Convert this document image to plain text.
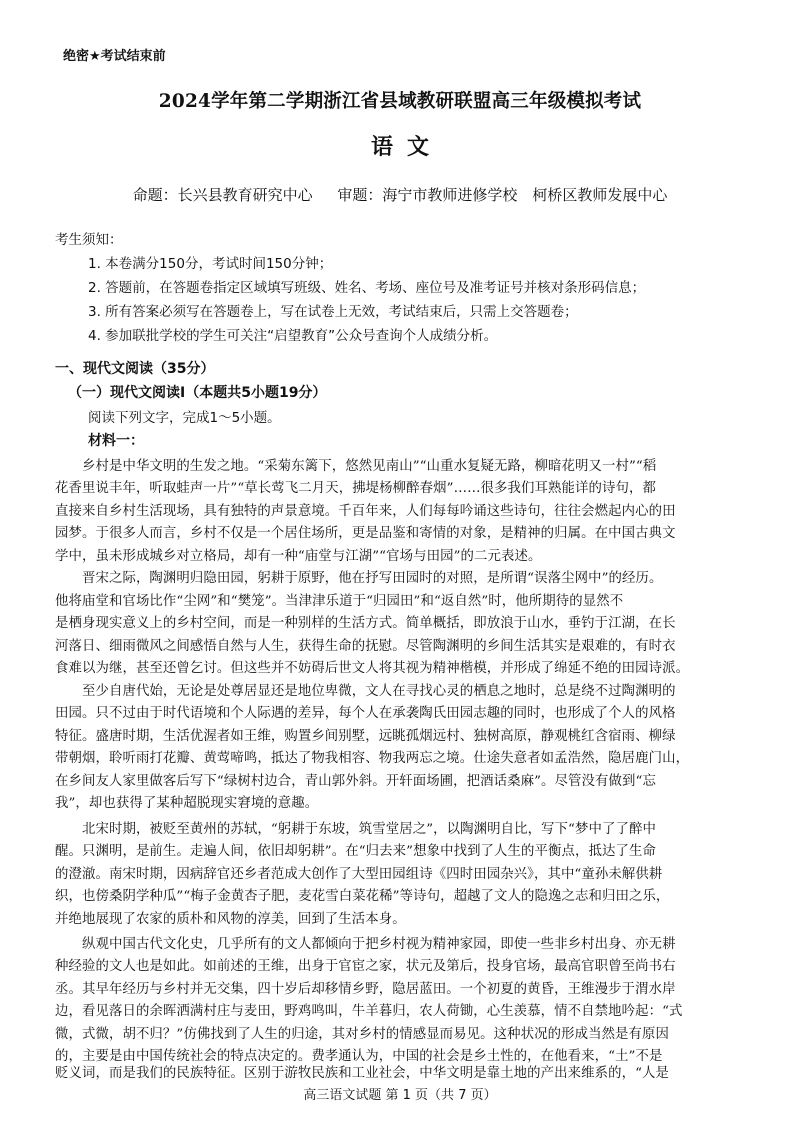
绝密★考试结束前
2024学年第二学期浙江省县域教研联盟高三年级模拟考试
语文
命题：长兴县教育研究中心 审题：海宁市教师进修学校　柯桥区教师发展中心
考生须知：
1. 本卷满分150分，考试时间150分钟；
2. 答题前，在答题卷指定区域填写班级、姓名、考场、座位号及准考证号并核对条形码信息；
3. 所有答案必须写在答题卷上，写在试卷上无效，考试结束后，只需上交答题卷；
4. 参加联批学校的学生可关注“启望教育”公众号查询个人成绩分析。
一、现代文阅读（35分）
（一）现代文阅读Ⅰ（本题共5小题19分）
阅读下列文字，完成1～5小题。
材料一：
　　乡村是中华文明的生发之地。“采菊东篱下，悠然见南山”“山重水复疑无路，柳暗花明又一村”“稻
花香里说丰年，听取蛙声一片”“草长莺飞二月天，拂堤杨柳醉春烟”……很多我们耳熟能详的诗句，都
直接来自乡村生活现场，具有独特的声景意境。千百年来，人们每每吟诵这些诗句，往往会燃起内心的田
园梦。于很多人而言，乡村不仅是一个居住场所，更是品鉴和寄情的对象，是精神的归属。在中国古典文
学中，虽未形成城乡对立格局，却有一种“庙堂与江湖”“官场与田园”的二元表述。
　　晋宋之际，陶渊明归隐田园，躬耕于原野，他在抒写田园时的对照，是所谓“误落尘网中”的经历。
他将庙堂和官场比作“尘网”和“樊笼”。当津津乐道于“归园田”和“返自然”时，他所期待的显然不
是栖身现实意义上的乡村空间，而是一种别样的生活方式。简单概括，即放浪于山水，垂钓于江湖，在长
河落日、细雨微风之间感悟自然与人生，获得生命的抚慰。尽管陶渊明的乡间生活其实是艰难的，有时衣
食难以为继，甚至还曾乞讨。但这些并不妨碍后世文人将其视为精神楷模，并形成了绵延不绝的田园诗派。
　　至少自唐代始，无论是处尊居显还是地位卑微，文人在寻找心灵的栖息之地时，总是绕不过陶渊明的
田园。只不过由于时代语境和个人际遇的差异，每个人在承袭陶氏田园志趣的同时，也形成了个人的风格
特征。盛唐时期，生活优渥者如王维，购置乡间别墅，远眺孤烟远村、独树高原，静观桃红含宿雨、柳绿
带朝烟，聆听雨打花瓣、黄莺啼鸣，抵达了物我相容、物我两忘之境。仕途失意者如孟浩然，隐居鹿门山，
在乡间友人家里做客后写下“绿树村边合，青山郭外斜。开轩面场圃，把酒话桑麻”。尽管没有做到“忘
我”，却也获得了某种超脱现实窘境的意趣。
　　北宋时期，被贬至黄州的苏轼，“躬耕于东坡，筑雪堂居之”，以陶渊明自比，写下“梦中了了醉中
醒。只渊明，是前生。走遍人间，依旧却躬耕”。在“归去来”想象中找到了人生的平衡点，抵达了生命
的澄澈。南宋时期，因病辞官还乡者范成大创作了大型田园组诗《四时田园杂兴》，其中“童孙未解供耕
织，也傍桑阴学种瓜”“梅子金黄杏子肥，麦花雪白菜花稀”等诗句，超越了文人的隐逸之志和归田之乐，
并绝地展现了农家的质朴和风物的淳美，回到了生活本身。
　　纵观中国古代文化史，几乎所有的文人都倾向于把乡村视为精神家园，即使一些非乡村出身、亦无耕
种经验的文人也是如此。如前述的王维，出身于官宦之家，状元及第后，投身官场，最高官职曾至尚书右
丞。其早年经历与乡村并无交集，四十岁后却移情乡野，隐居蓝田。一个初夏的黄昏，王维漫步于渭水岸
边，看见落日的余晖洒满村庄与麦田，野鸡鸣叫，牛羊暮归，农人荷锄，心生羡慕，情不自禁地吟起：“式
微，式微，胡不归？”仿佛找到了人生的归途，其对乡村的情感显而易见。这种状况的形成当然是有原因
的，主要是由中国传统社会的特点决定的。费孝通认为，中国的社会是乡土性的，在他看来，“土”不是
贬义词，而是我们的民族特征。区别于游牧民族和工业社会，中华文明是靠土地的产出来维系的，“人是
高三语文试题 第 1 页（共 7 页）
